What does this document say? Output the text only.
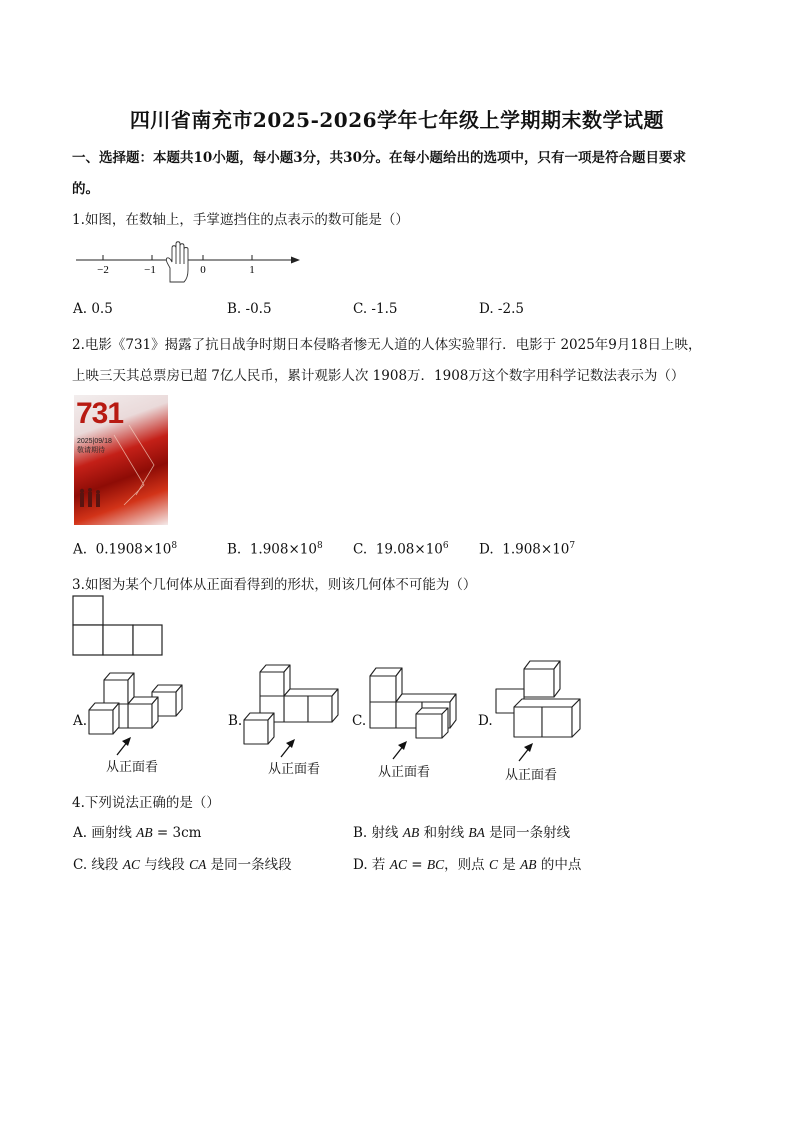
四川省南充市2025-2026学年七年级上学期期末数学试题
一、选择题：本题共10小题，每小题3分，共30分。在每小题给出的选项中，只有一项是符合题目要求
的。
1.如图，在数轴上，手掌遮挡住的点表示的数可能是（）
−2	−1	0	1
A. 0.5	B. -0.5	C. -1.5	D. -2.5
2.电影《731》揭露了抗日战争时期日本侵略者惨无人道的人体实验罪行．电影于 2025年9月18日上映，
上映三天其总票房已超 7亿人民币，累计观影人次 1908万．1908万这个数字用科学记数法表示为（）
731
2025|09/18
敬请期待
A. $0.1908\times 10^8$	B. $1.908\times 10^8$ C. $19.08\times 10^6$ D. $1.908\times 10^7$
3.如图为某个几何体从正面看得到的形状，则该几何体不可能为（）
A.	B.	C.	D.
从正面看	从正面看	从正面看	从正面看
4.下列说法正确的是（）
A. 画射线 AB = 3cm	B. 射线 AB 和射线 BA 是同一条射线
C. 线段 AC 与线段 CA 是同一条线段	D. 若 AC = BC，则点 C 是 AB 的中点
